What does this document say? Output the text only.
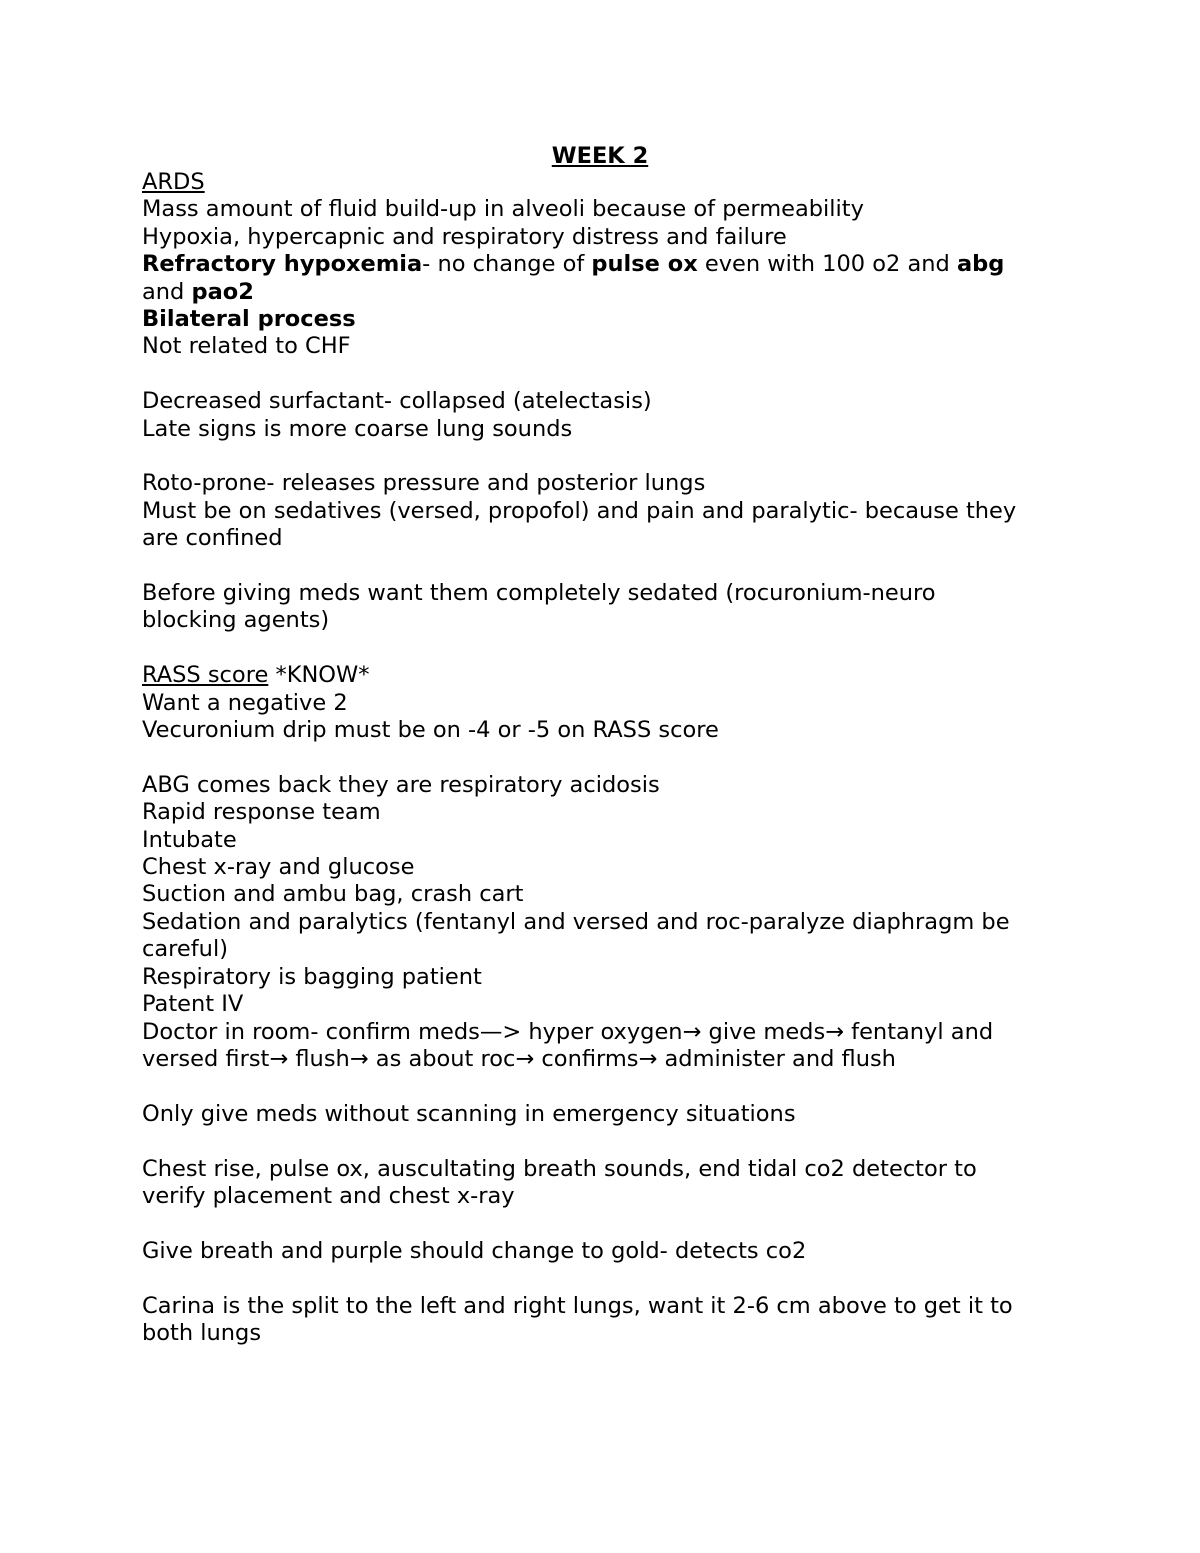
WEEK 2

ARDS

Mass amount of fluid build-up in alveoli because of permeability

Hypoxia, hypercapnic and respiratory distress and failure

Refractory hypoxemia- no change of pulse ox even with 100 o2 and abg

and pao2

Bilateral process

Not related to CHF

Decreased surfactant- collapsed (atelectasis)

Late signs is more coarse lung sounds

Roto-prone- releases pressure and posterior lungs

Must be on sedatives (versed, propofol) and pain and paralytic- because they

are confined

Before giving meds want them completely sedated (rocuronium-neuro

blocking agents)

RASS score *KNOW*

Want a negative 2

Vecuronium drip must be on -4 or -5 on RASS score

ABG comes back they are respiratory acidosis

Rapid response team

Intubate

Chest x-ray and glucose

Suction and ambu bag, crash cart

Sedation and paralytics (fentanyl and versed and roc-paralyze diaphragm be

careful)

Respiratory is bagging patient

Patent IV

Doctor in room- confirm meds—> hyper oxygen→ give meds→ fentanyl and

versed first→ flush→ as about roc→ confirms→ administer and flush

Only give meds without scanning in emergency situations

Chest rise, pulse ox, auscultating breath sounds, end tidal co2 detector to

verify placement and chest x-ray

Give breath and purple should change to gold- detects co2

Carina is the split to the left and right lungs, want it 2-6 cm above to get it to

both lungs
